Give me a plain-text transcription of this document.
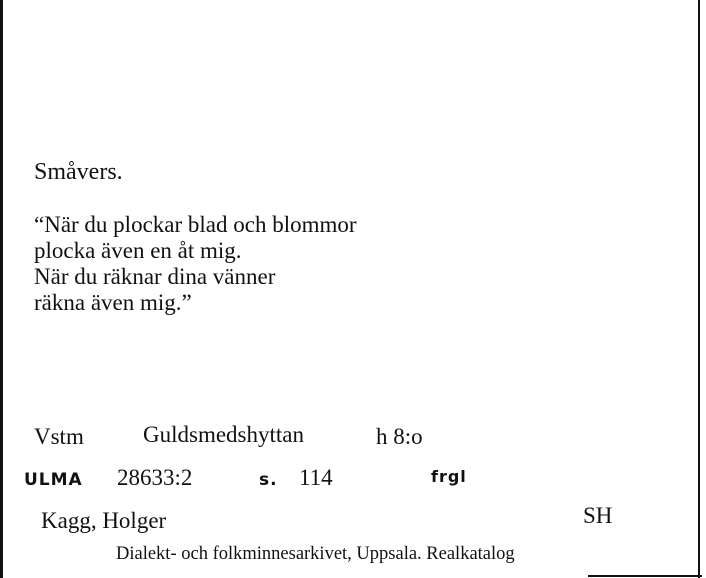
Småvers.
“När du plockar blad och blommor
plocka även en åt mig.
När du räknar dina vänner
räkna även mig.”
Vstm	Guldsmedshyttan	h 8:o
ULMA 28633:2	s. 114	frgl
Kagg, Holger	SH
Dialekt- och folkminnesarkivet, Uppsala. Realkatalog
